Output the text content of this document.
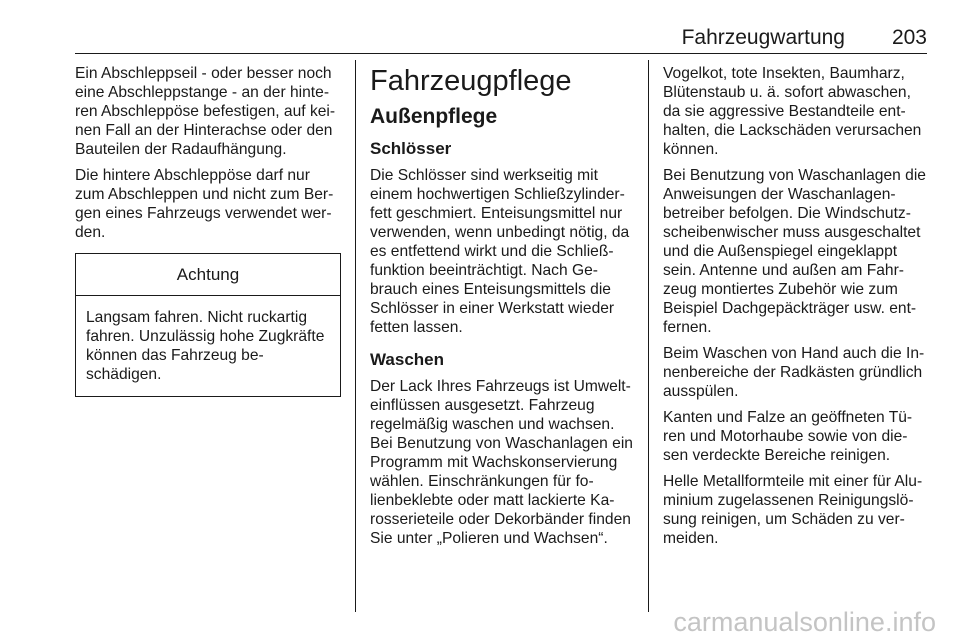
Fahrzeugwartung 203

Ein Abschleppseil - oder besser noch eine Abschleppstange - an der hinteren Abschleppöse befestigen, auf keinen Fall an der Hinterachse oder den Bauteilen der Radaufhängung.

Die hintere Abschleppöse darf nur zum Abschleppen und nicht zum Bergen eines Fahrzeugs verwendet werden.

Achtung
Langsam fahren. Nicht ruckartig fahren. Unzulässig hohe Zugkräfte können das Fahrzeug beschädigen.
Fahrzeugpflege
Außenpflege
Schlösser

Die Schlösser sind werkseitig mit einem hochwertigen Schließzylinderfett geschmiert. Enteisungsmittel nur verwenden, wenn unbedingt nötig, da es entfettend wirkt und die Schließfunktion beeinträchtigt. Nach Gebrauch eines Enteisungsmittels die Schlösser in einer Werkstatt wieder fetten lassen.

Waschen

Der Lack Ihres Fahrzeugs ist Umwelteinflüssen ausgesetzt. Fahrzeug regelmäßig waschen und wachsen. Bei Benutzung von Waschanlagen ein Programm mit Wachskonservierung wählen. Einschränkungen für folienbeklebte oder matt lackierte Karosserieteile oder Dekorbänder finden Sie unter „Polieren und Wachsen“.

Vogelkot, tote Insekten, Baumharz, Blütenstaub u. ä. sofort abwaschen, da sie aggressive Bestandteile enthalten, die Lackschäden verursachen können.

Bei Benutzung von Waschanlagen die Anweisungen der Waschanlagenbetreiber befolgen. Die Windschutzscheibenwischer muss ausgeschaltet und die Außenspiegel eingeklappt sein. Antenne und außen am Fahrzeug montiertes Zubehör wie zum Beispiel Dachgepäckträger usw. entfernen.

Beim Waschen von Hand auch die Innenbereiche der Radkästen gründlich ausspülen.

Kanten und Falze an geöffneten Türen und Motorhaube sowie von diesen verdeckte Bereiche reinigen.

Helle Metallformteile mit einer für Aluminium zugelassenen Reinigungslösung reinigen, um Schäden zu vermeiden.

carmanualsonline.info
